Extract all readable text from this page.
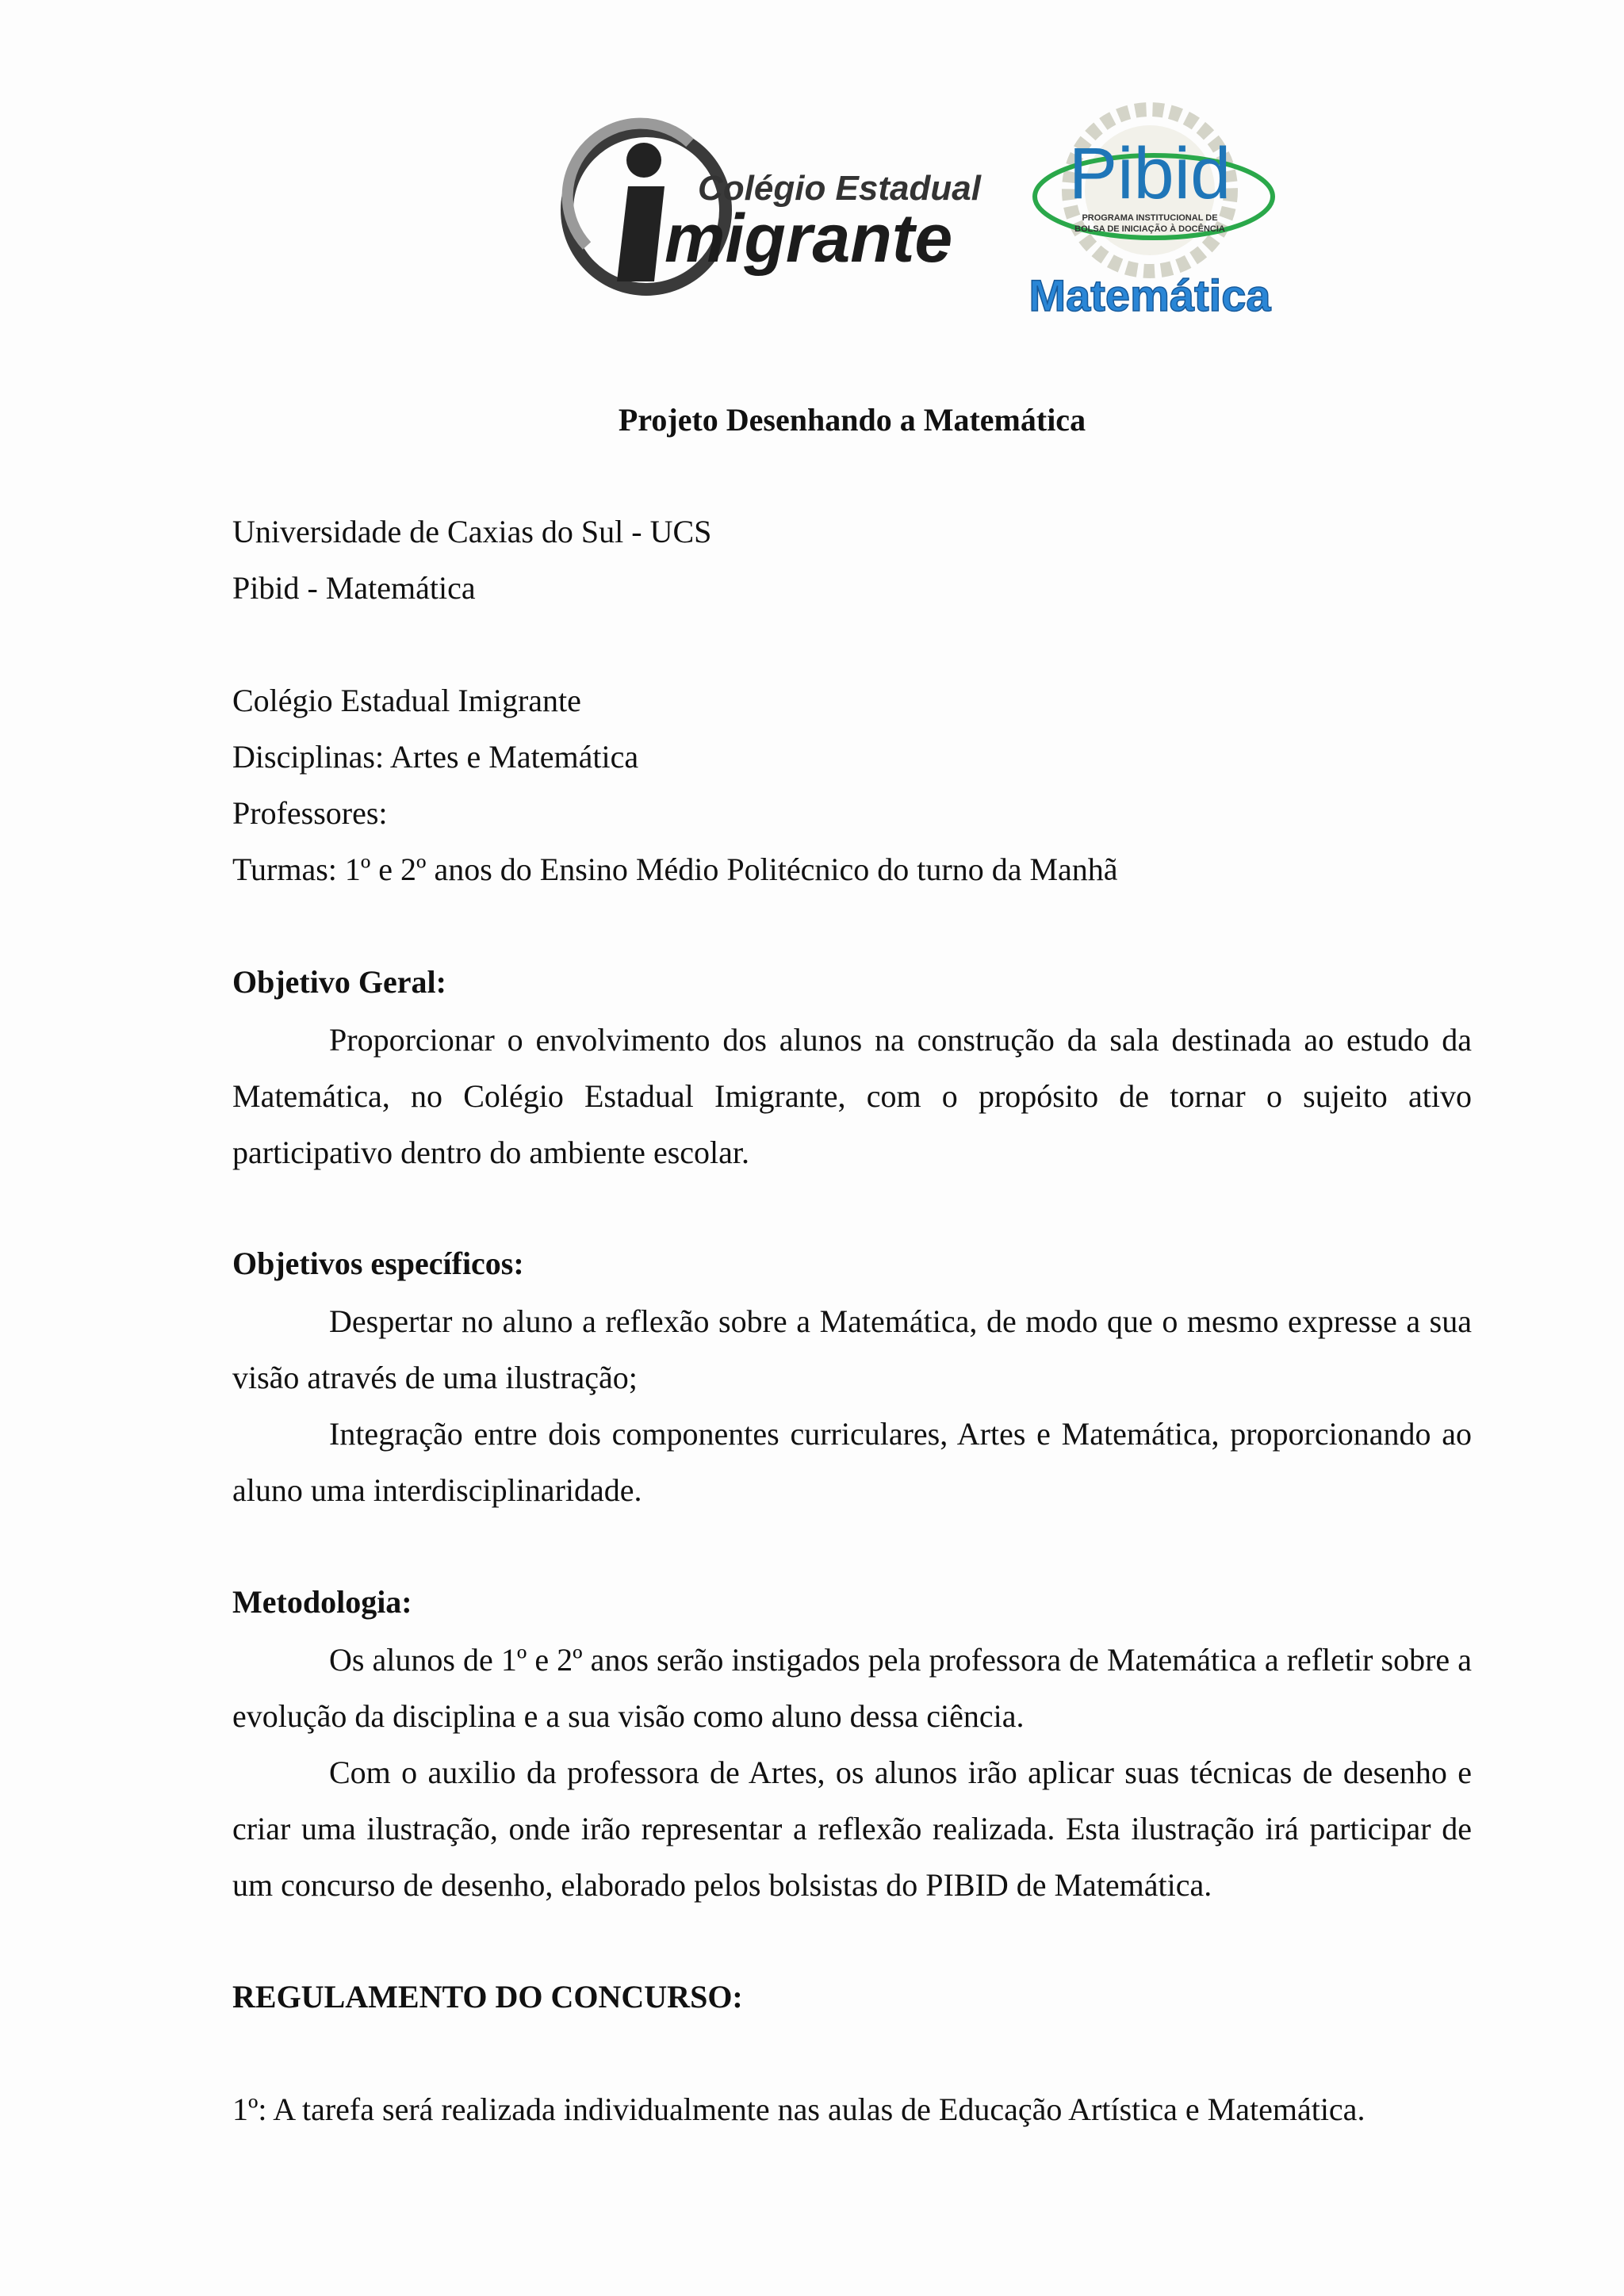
Colégio Estadual
migrante
Pibid
PROGRAMA INSTITUCIONAL DE
BOLSA DE INICIAÇÃO À DOCÊNCIA
Matemática
Projeto Desenhando a Matemática
Universidade de Caxias do Sul - UCS
Pibid - Matemática
Colégio Estadual Imigrante
Disciplinas: Artes e Matemática
Professores:
Turmas: 1º e 2º anos do Ensino Médio Politécnico do turno da Manhã
Objetivo Geral:
Proporcionar o envolvimento dos alunos na construção da sala destinada ao estudo da Matemática, no Colégio Estadual Imigrante, com o propósito de tornar o sujeito ativo participativo dentro do ambiente escolar.
Objetivos específicos:
Despertar no aluno a reflexão sobre a Matemática, de modo que o mesmo expresse a sua visão através de uma ilustração;
Integração entre dois componentes curriculares, Artes e Matemática, proporcionando ao aluno uma interdisciplinaridade.
Metodologia:
Os alunos de 1º e 2º anos serão instigados pela professora de Matemática a refletir sobre a evolução da disciplina e a sua visão como aluno dessa ciência.
Com o auxilio da professora de Artes, os alunos irão aplicar suas técnicas de desenho e criar uma ilustração, onde irão representar a reflexão realizada. Esta ilustração irá participar de um concurso de desenho, elaborado pelos bolsistas do PIBID de Matemática.
REGULAMENTO DO CONCURSO:
1º: A tarefa será realizada individualmente nas aulas de Educação Artística e Matemática.
